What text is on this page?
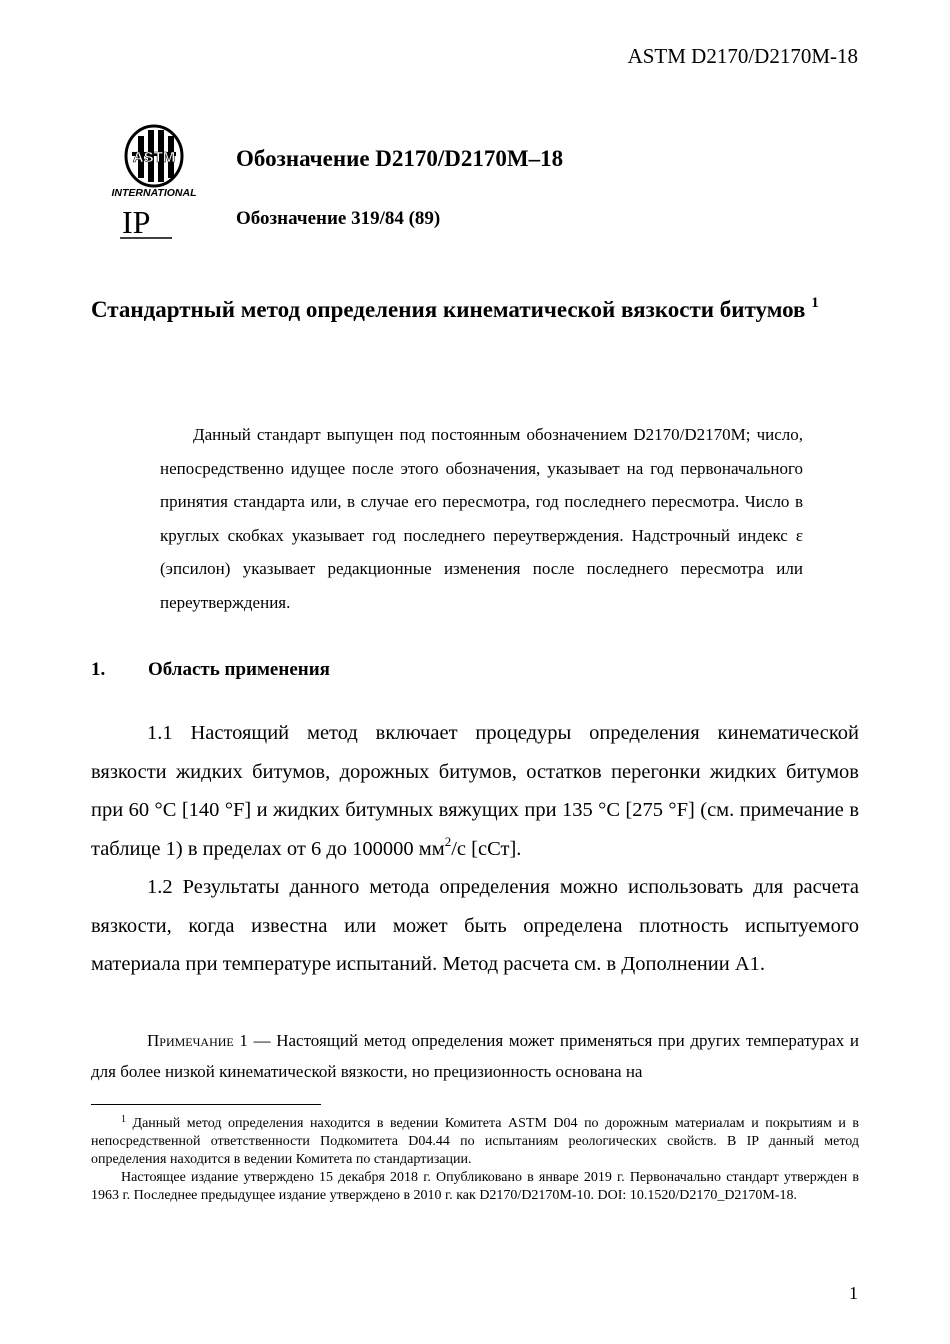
ASTM D2170/D2170M-18
ASTM
INTERNATIONAL
IP
Обозначение D2170/D2170M–18
Обозначение 319/84 (89)
Стандартный метод определения кинематической вязкости битумов $^1$

Данный стандарт выпущен под постоянным обозначением D2170/D2170M; число, непосредственно идущее после этого обозначения, указывает на год первоначального принятия стандарта или, в случае его пересмотра, год последнего пересмотра. Число в круглых скобках указывает год последнего переутверждения. Надстрочный индекс ε (эпсилон) указывает редакционные изменения после последнего пересмотра или переутверждения.

1. Область применения

1.1 Настоящий метод включает процедуры определения кинематической вязкости жидких битумов, дорожных битумов, остатков перегонки жидких битумов при 60 °C [140 °F] и жидких битумных вяжущих при 135 °C [275 °F] (см. примечание в таблице 1) в пределах от 6 до 100000 $мм^2/с$ [сСт].

1.2 Результаты данного метода определения можно использовать для расчета вязкости, когда известна или может быть определена плотность испытуемого материала при температуре испытаний. Метод расчета см. в Дополнении A1.

Примечание 1 — Настоящий метод определения может применяться при других температурах и для более низкой кинематической вязкости, но прецизионность основана на

$^1$ Данный метод определения находится в ведении Комитета ASTM D04 по дорожным материалам и покрытиям и в непосредственной ответственности Подкомитета D04.44 по испытаниям реологических свойств. В IP данный метод определения находится в ведении Комитета по стандартизации.

Настоящее издание утверждено 15 декабря 2018 г. Опубликовано в январе 2019 г. Первоначально стандарт утвержден в 1963 г. Последнее предыдущее издание утверждено в 2010 г. как D2170/D2170M-10. DOI: 10.1520/D2170_D2170M-18.

1
